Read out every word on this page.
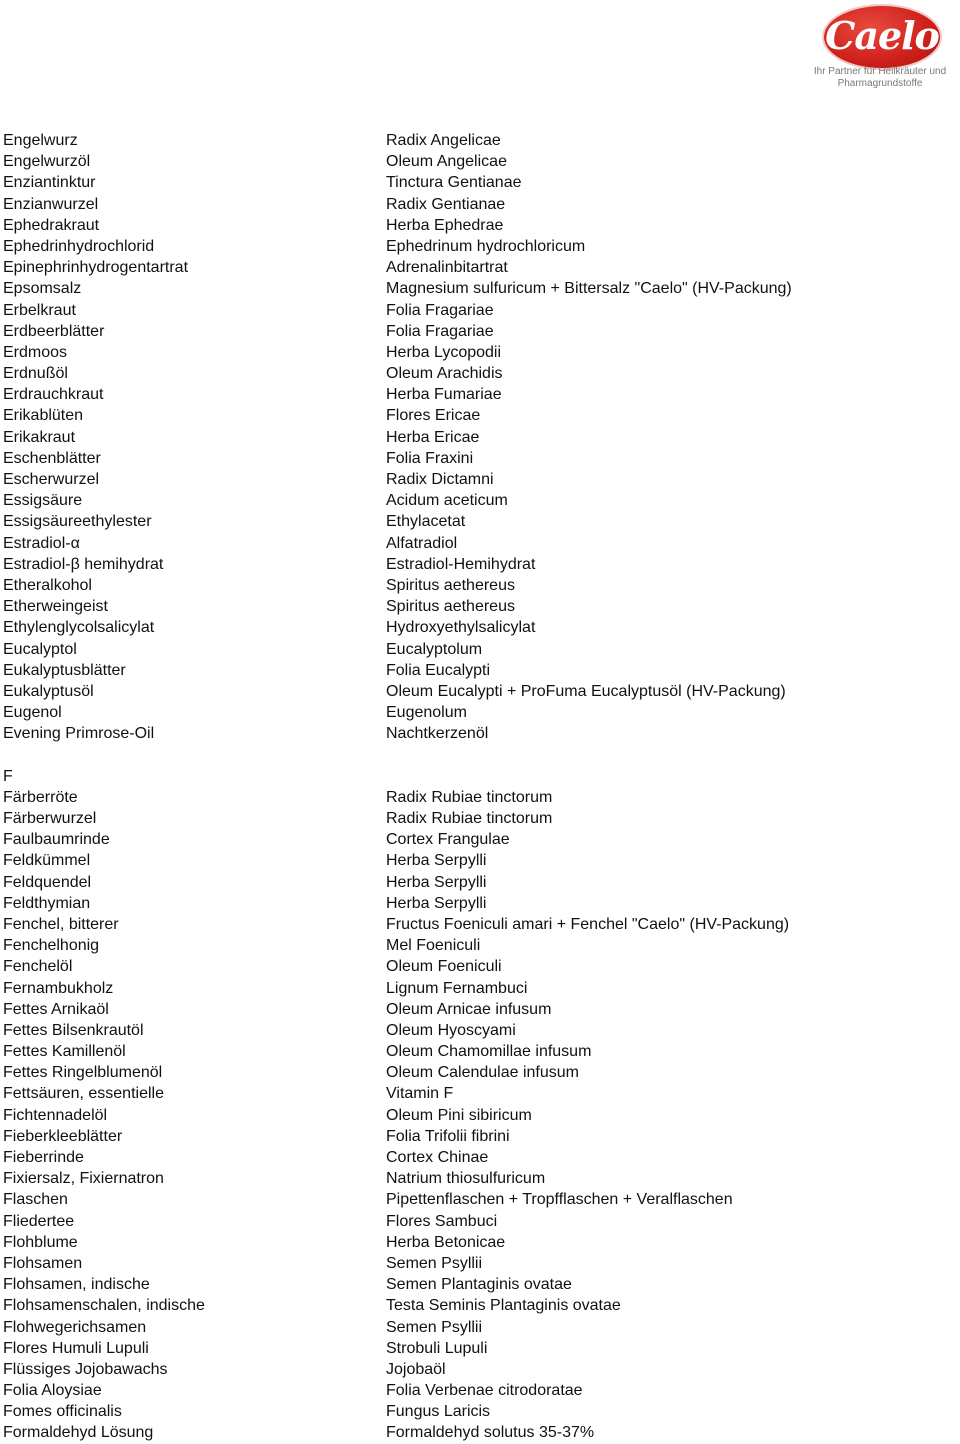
Caelo
Ihr Partner für Heilkräuter und
Pharmagrundstoffe
Engelwurz
Engelwurzöl
Enziantinktur
Enzianwurzel
Ephedrakraut
Ephedrinhydrochlorid
Epinephrinhydrogentartrat
Epsomsalz
Erbelkraut
Erdbeerblätter
Erdmoos
Erdnußöl
Erdrauchkraut
Erikablüten
Erikakraut
Eschenblätter
Escherwurzel
Essigsäure
Essigsäureethylester
Estradiol-α
Estradiol-β hemihydrat
Etheralkohol
Etherweingeist
Ethylenglycolsalicylat
Eucalyptol
Eukalyptusblätter
Eukalyptusöl
Eugenol
Evening Primrose-Oil
F
Färberröte
Färberwurzel
Faulbaumrinde
Feldkümmel
Feldquendel
Feldthymian
Fenchel, bitterer
Fenchelhonig
Fenchelöl
Fernambukholz
Fettes Arnikaöl
Fettes Bilsenkrautöl
Fettes Kamillenöl
Fettes Ringelblumenöl
Fettsäuren, essentielle
Fichtennadelöl
Fieberkleeblätter
Fieberrinde
Fixiersalz, Fixiernatron
Flaschen
Fliedertee
Flohblume
Flohsamen
Flohsamen, indische
Flohsamenschalen, indische
Flohwegerichsamen
Flores Humuli Lupuli
Flüssiges Jojobawachs
Folia Aloysiae
Fomes officinalis
Formaldehyd Lösung
Radix Angelicae
Oleum Angelicae
Tinctura Gentianae
Radix Gentianae
Herba Ephedrae
Ephedrinum hydrochloricum
Adrenalinbitartrat
Magnesium sulfuricum + Bittersalz "Caelo" (HV-Packung)
Folia Fragariae
Folia Fragariae
Herba Lycopodii
Oleum Arachidis
Herba Fumariae
Flores Ericae
Herba Ericae
Folia Fraxini
Radix Dictamni
Acidum aceticum
Ethylacetat
Alfatradiol
Estradiol-Hemihydrat
Spiritus aethereus
Spiritus aethereus
Hydroxyethylsalicylat
Eucalyptolum
Folia Eucalypti
Oleum Eucalypti + ProFuma Eucalyptusöl (HV-Packung)
Eugenolum
Nachtkerzenöl
Radix Rubiae tinctorum
Radix Rubiae tinctorum
Cortex Frangulae
Herba Serpylli
Herba Serpylli
Herba Serpylli
Fructus Foeniculi amari + Fenchel "Caelo" (HV-Packung)
Mel Foeniculi
Oleum Foeniculi
Lignum Fernambuci
Oleum Arnicae infusum
Oleum Hyoscyami
Oleum Chamomillae infusum
Oleum Calendulae infusum
Vitamin F
Oleum Pini sibiricum
Folia Trifolii fibrini
Cortex Chinae
Natrium thiosulfuricum
Pipettenflaschen + Tropfflaschen + Veralflaschen
Flores Sambuci
Herba Betonicae
Semen Psyllii
Semen Plantaginis ovatae
Testa Seminis Plantaginis ovatae
Semen Psyllii
Strobuli Lupuli
Jojobaöl
Folia Verbenae citrodoratae
Fungus Laricis
Formaldehyd solutus 35-37%
